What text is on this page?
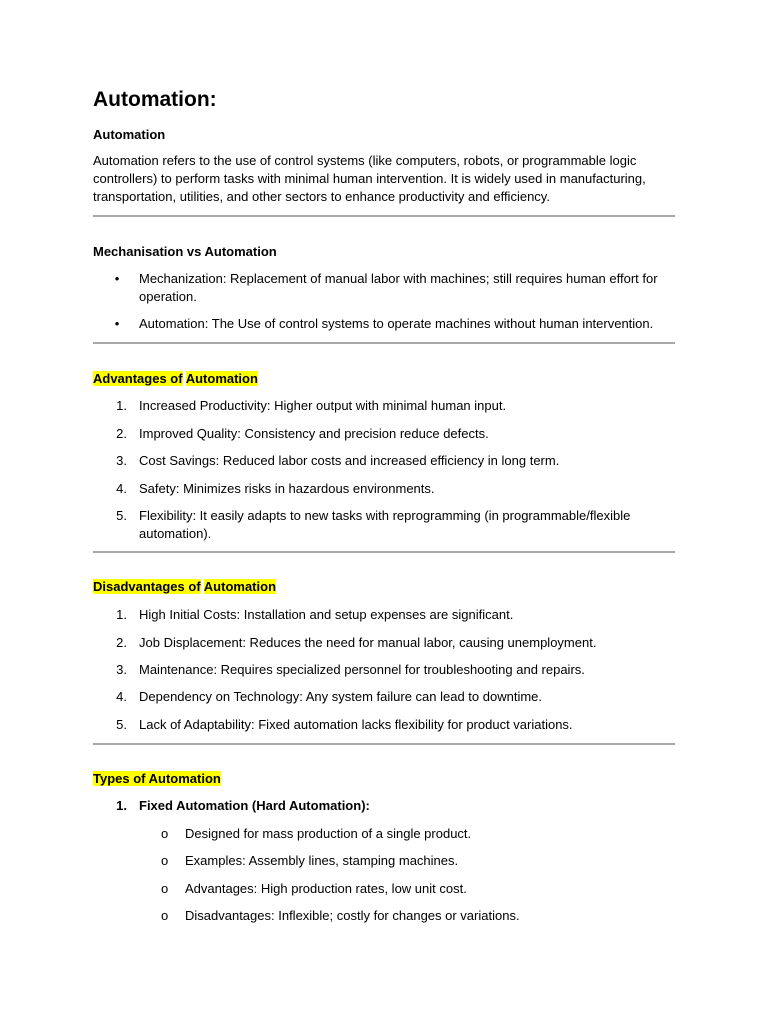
Automation:
Automation

Automation refers to the use of control systems (like computers, robots, or programmable logic controllers) to perform tasks with minimal human intervention. It is widely used in manufacturing, transportation, utilities, and other sectors to enhance productivity and efficiency.

Mechanisation vs Automation
• Mechanization: Replacement of manual labor with machines; still requires human effort for operation.
• Automation: The Use of control systems to operate machines without human intervention.
Advantages of Automation
1. Increased Productivity: Higher output with minimal human input.
2. Improved Quality: Consistency and precision reduce defects.
3. Cost Savings: Reduced labor costs and increased efficiency in long term.
4. Safety: Minimizes risks in hazardous environments.
5. Flexibility: It easily adapts to new tasks with reprogramming (in programmable/flexible automation).
Disadvantages of Automation
1. High Initial Costs: Installation and setup expenses are significant.
2. Job Displacement: Reduces the need for manual labor, causing unemployment.
3. Maintenance: Requires specialized personnel for troubleshooting and repairs.
4. Dependency on Technology: Any system failure can lead to downtime.
5. Lack of Adaptability: Fixed automation lacks flexibility for product variations.
Types of Automation
1. Fixed Automation (Hard Automation):
o Designed for mass production of a single product.
o Examples: Assembly lines, stamping machines.
o Advantages: High production rates, low unit cost.
o Disadvantages: Inflexible; costly for changes or variations.
